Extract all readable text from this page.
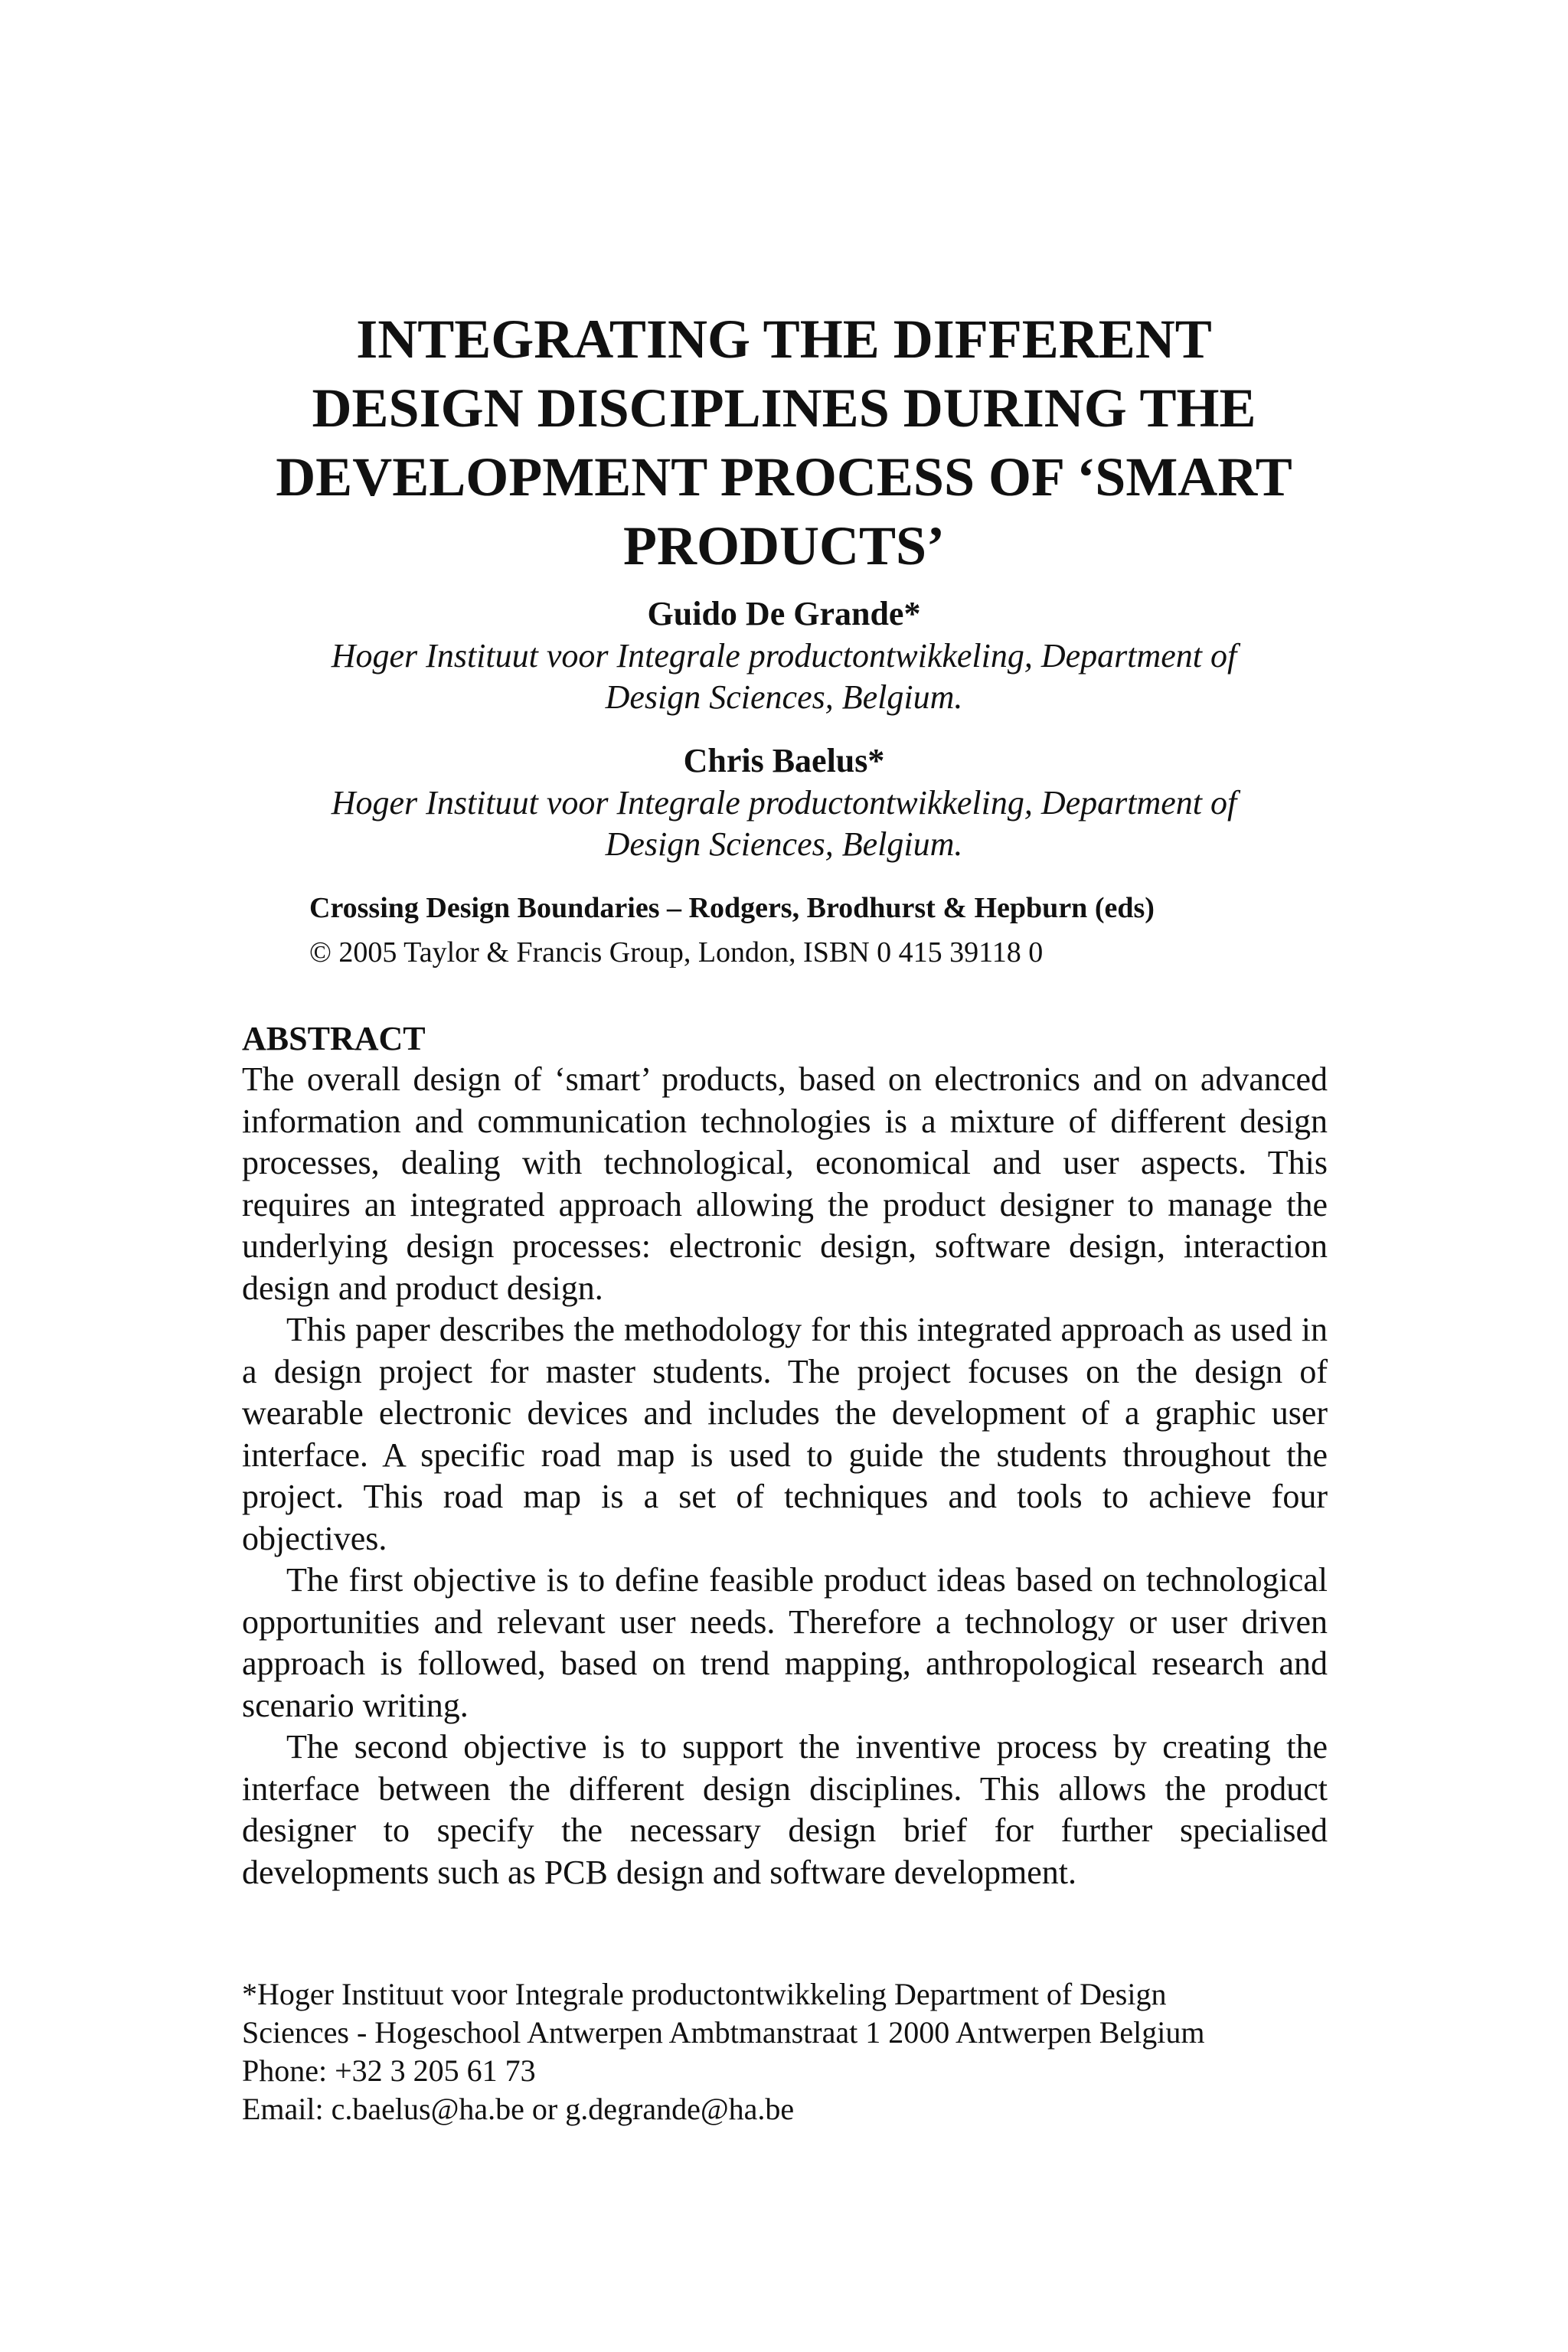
INTEGRATING THE DIFFERENT
DESIGN DISCIPLINES DURING THE
DEVELOPMENT PROCESS OF ‘SMART
PRODUCTS’
Guido De Grande*
Hoger Instituut voor Integrale productontwikkeling, Department of
Design Sciences, Belgium.
Chris Baelus*
Hoger Instituut voor Integrale productontwikkeling, Department of
Design Sciences, Belgium.
Crossing Design Boundaries – Rodgers, Brodhurst & Hepburn (eds)
© 2005 Taylor & Francis Group, London, ISBN 0 415 39118 0
ABSTRACT

The overall design of ‘smart’ products, based on electronics and on advanced information and communication technologies is a mixture of different design processes, dealing with technological, economical and user aspects. This requires an integrated approach allowing the product designer to manage the underlying design processes: electronic design, software design, interaction design and product design.

This paper describes the methodology for this integrated approach as used in a design project for master students. The project focuses on the design of wearable electronic devices and includes the development of a graphic user interface. A specific road map is used to guide the students throughout the project. This road map is a set of techniques and tools to achieve four objectives.

The first objective is to define feasible product ideas based on technological opportunities and relevant user needs. Therefore a technology or user driven approach is followed, based on trend mapping, anthropological research and scenario writing.

The second objective is to support the inventive process by creating the interface between the different design disciplines. This allows the product designer to specify the necessary design brief for further specialised developments such as PCB design and software development.

*Hoger Instituut voor Integrale productontwikkeling Department of Design
Sciences - Hogeschool Antwerpen Ambtmanstraat 1 2000 Antwerpen Belgium
Phone: +32 3 205 61 73
Email: c.baelus@ha.be or g.degrande@ha.be
